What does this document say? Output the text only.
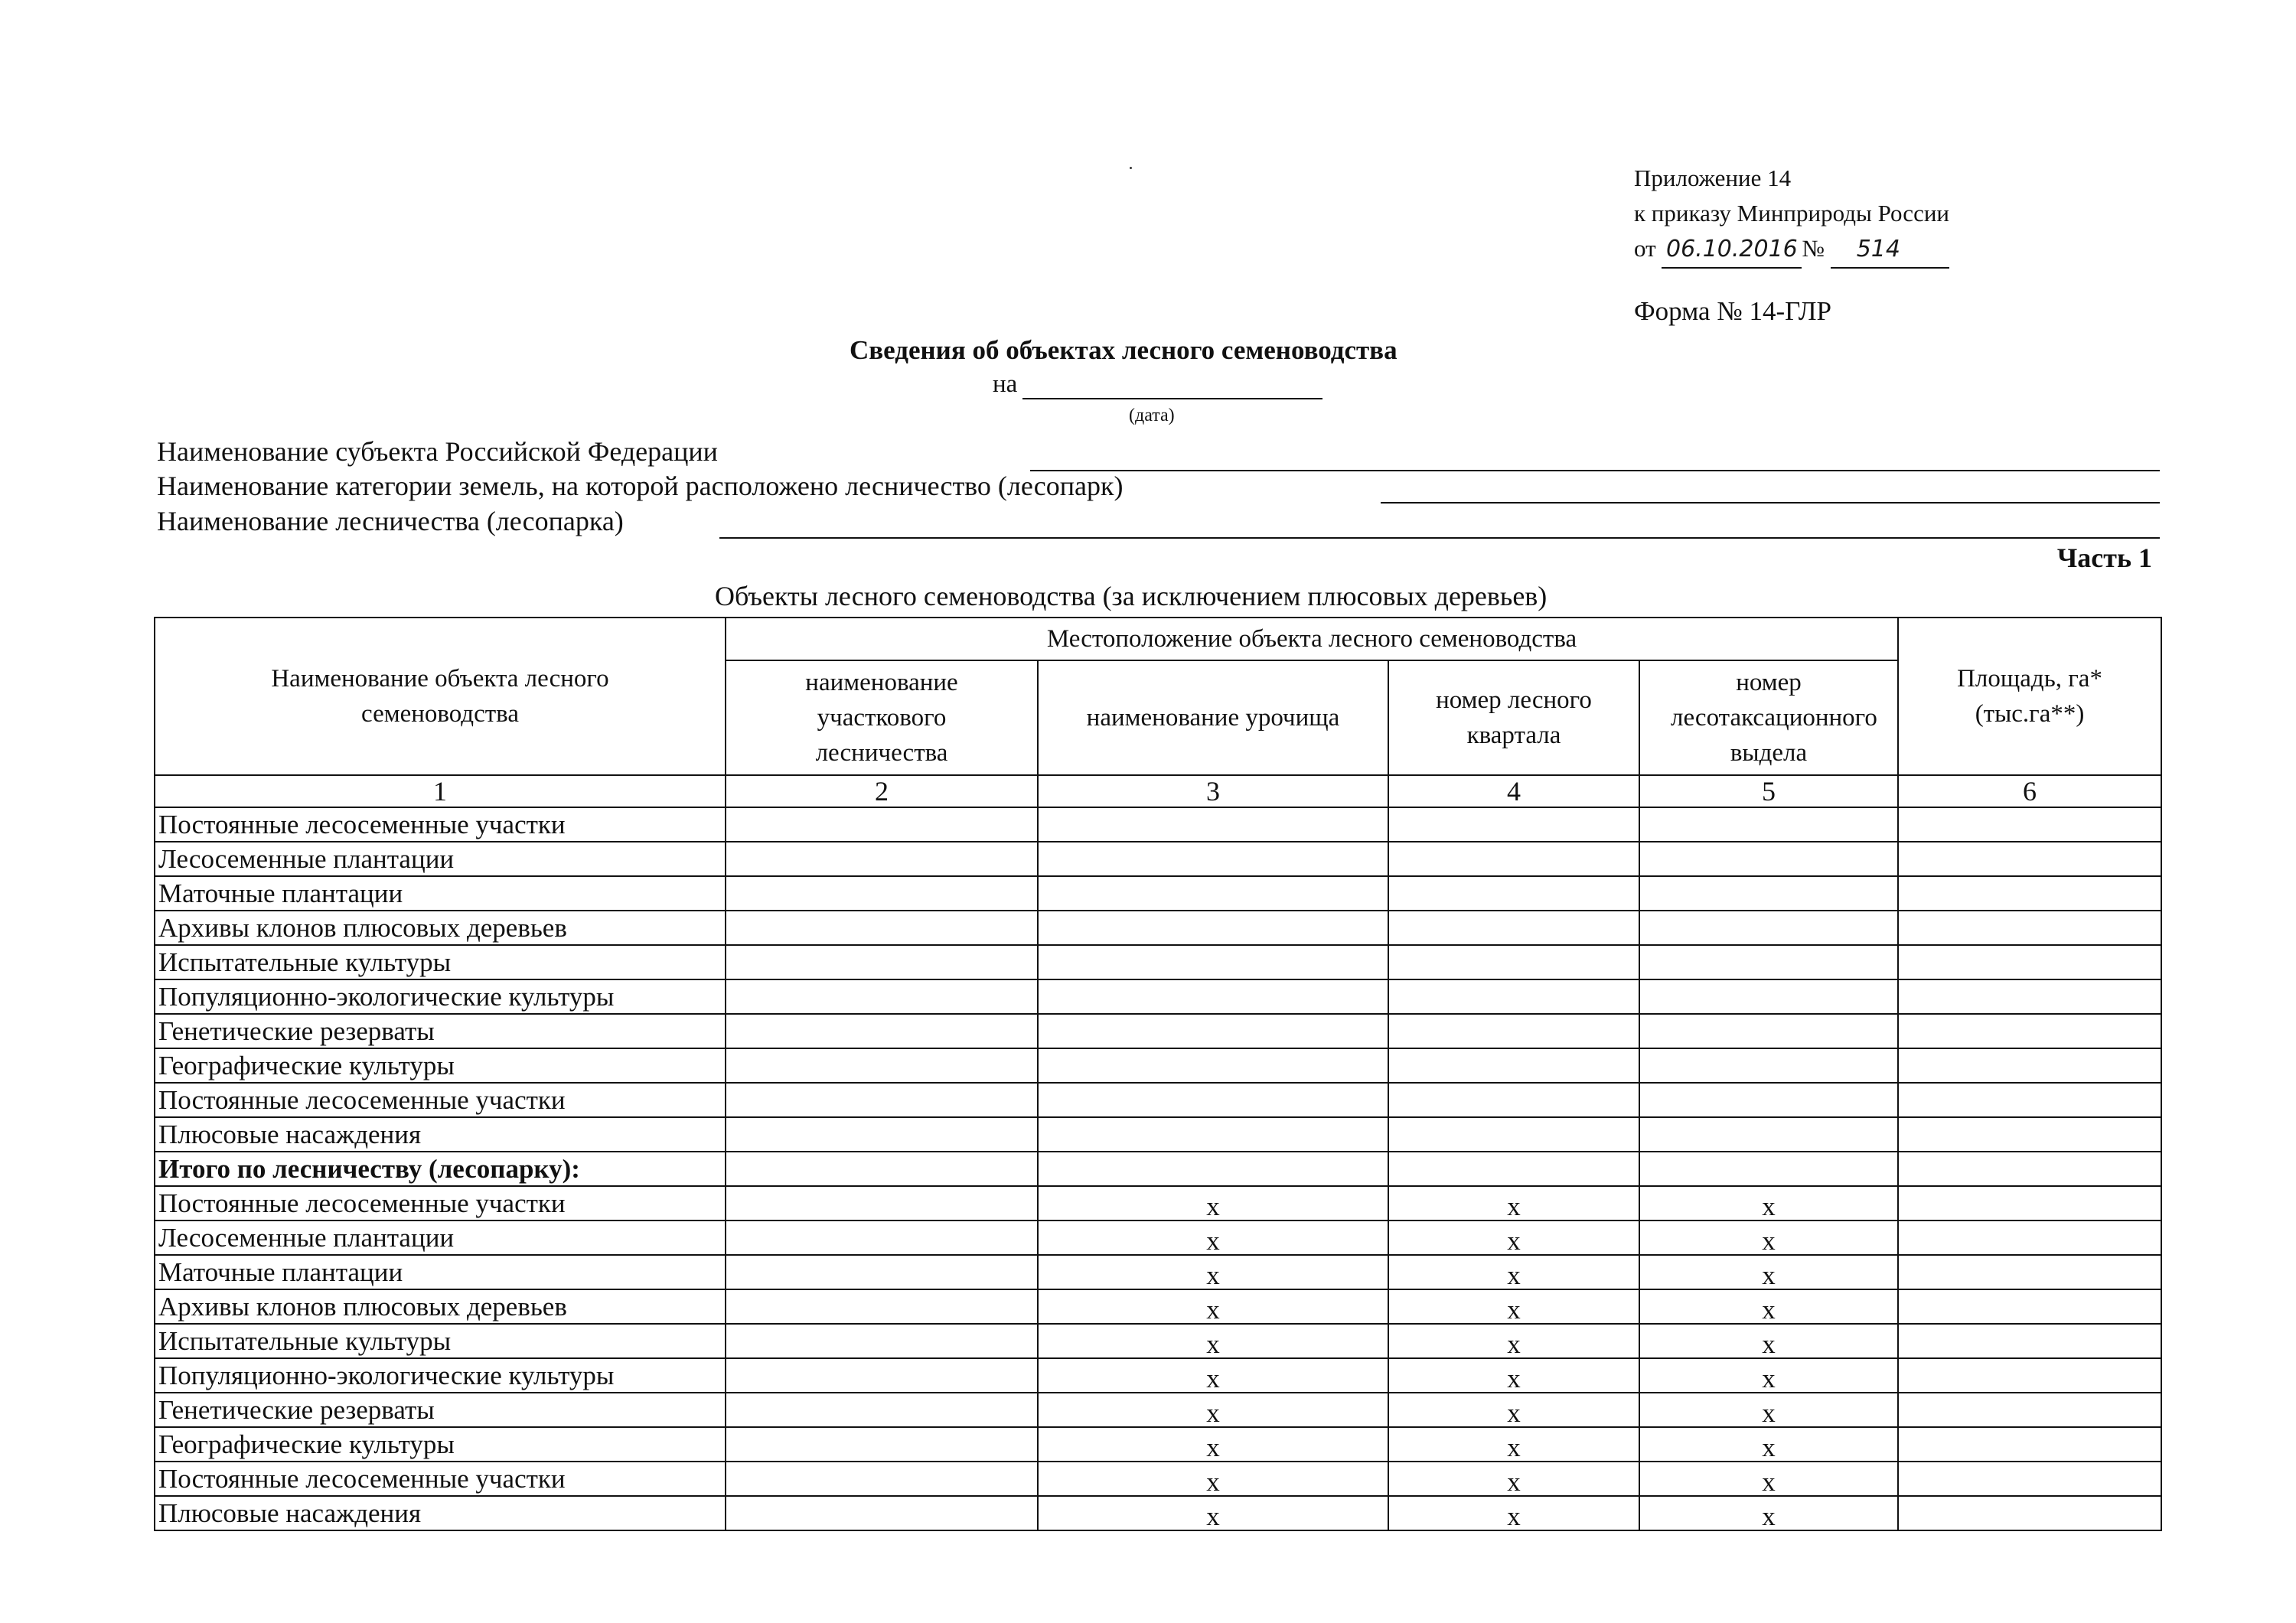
Приложение 14
к приказу Минприроды России
от 06.10.2016 № 514
Форма № 14-ГЛР
Сведения об объектах лесного семеноводства
на
(дата)
Наименование субъекта Российской Федерации
Наименование категории земель, на которой расположено лесничество (лесопарк)
Наименование лесничества (лесопарка)
Часть 1
Объекты лесного семеноводства (за исключением плюсовых деревьев)
Наименование объекта лесного семеноводства	Местоположение объекта лесного семеноводства				Площадь, га*(тыс.га**)
	наименование участкового лесничества	наименование урочища	номер лесного квартала	номер лесотаксационного выдела	
1	2	3	4	5	6
Постоянные лесосеменные участки					
Лесосеменные плантации					
Маточные плантации					
Архивы клонов плюсовых деревьев					
Испытательные культуры					
Популяционно-экологические культуры					
Генетические резерваты					
Географические культуры					
Постоянные лесосеменные участки					
Плюсовые насаждения					
Итого по лесничеству (лесопарку):					
Постоянные лесосеменные участки		x	x	x	
Лесосеменные плантации		x	x	x	
Маточные плантации		x	x	x	
Архивы клонов плюсовых деревьев		x	x	x	
Испытательные культуры		x	x	x	
Популяционно-экологические культуры		x	x	x	
Генетические резерваты		x	x	x	
Географические культуры		x	x	x	
Постоянные лесосеменные участки		x	x	x	
Плюсовые насаждения		x	x	x	
